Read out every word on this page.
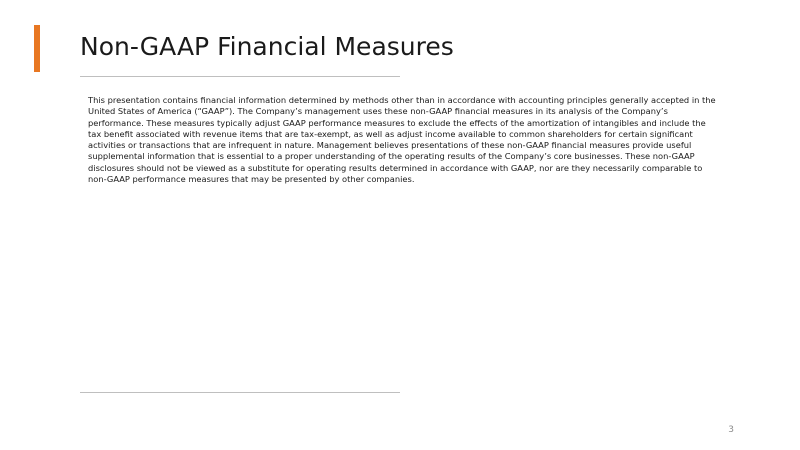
Non-GAAP Financial Measures

This presentation contains financial information determined by methods other than in accordance with accounting principles generally accepted in the United States of America (“GAAP”). The Company’s management uses these non-GAAP financial measures in its analysis of the Company’s performance. These measures typically adjust GAAP performance measures to exclude the effects of the amortization of intangibles and include the tax benefit associated with revenue items that are tax-exempt, as well as adjust income available to common shareholders for certain significant activities or transactions that are infrequent in nature. Management believes presentations of these non-GAAP financial measures provide useful supplemental information that is essential to a proper understanding of the operating results of the Company’s core businesses. These non-GAAP disclosures should not be viewed as a substitute for operating results determined in accordance with GAAP, nor are they necessarily comparable to non-GAAP performance measures that may be presented by other companies.

3
